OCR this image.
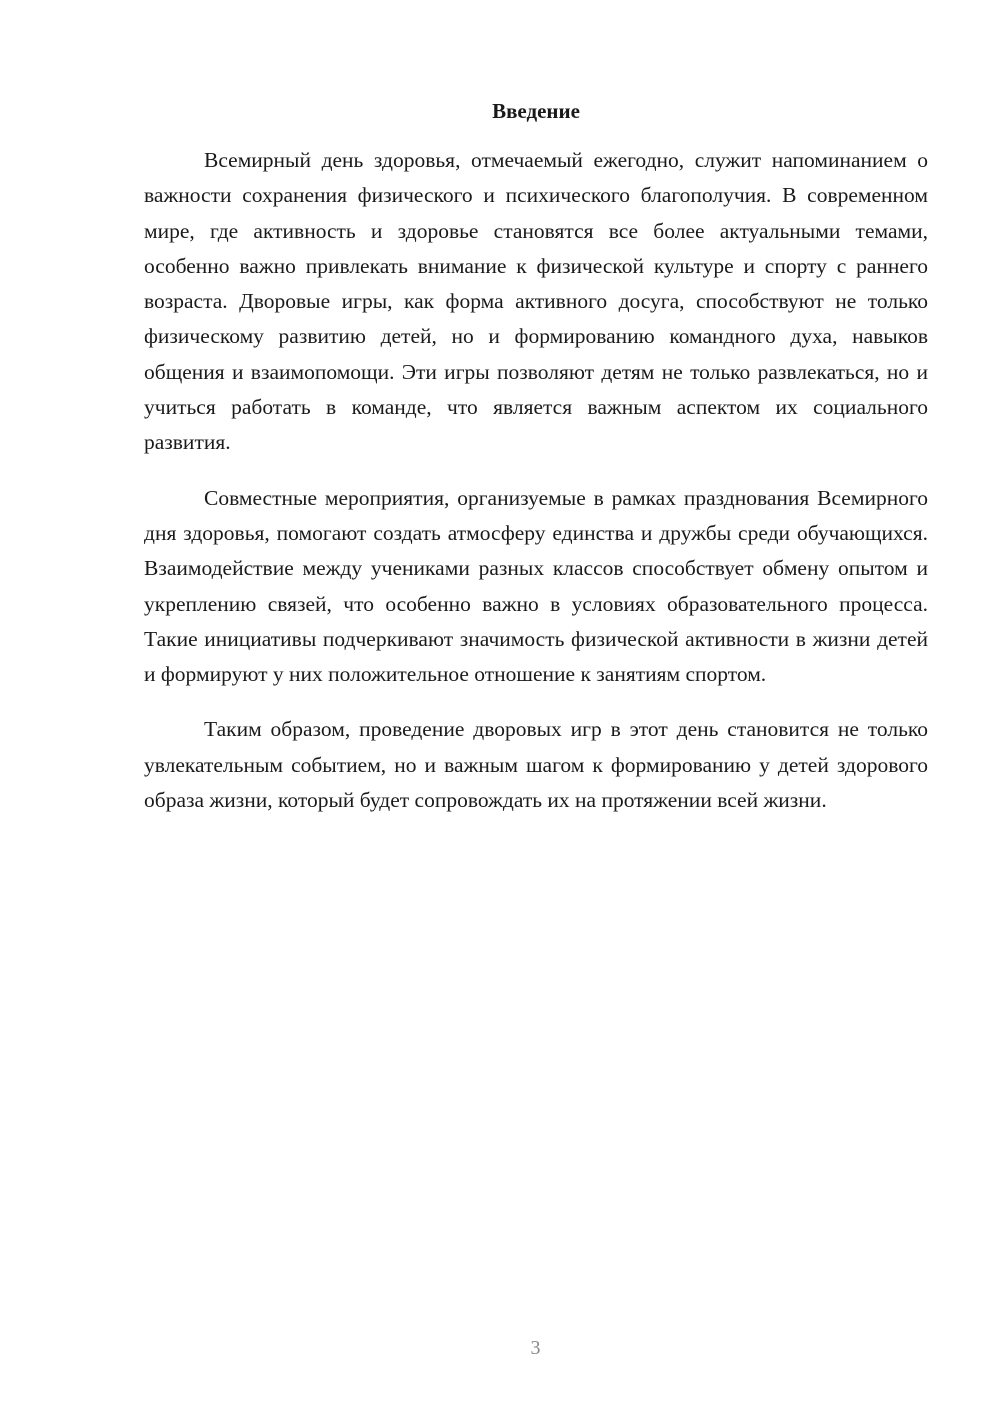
Введение

Всемирный день здоровья, отмечаемый ежегодно, служит напоминанием о важности сохранения физического и психического благополучия. В современном мире, где активность и здоровье становятся все более актуальными темами, особенно важно привлекать внимание к физической культуре и спорту с раннего возраста. Дворовые игры, как форма активного досуга, способствуют не только физическому развитию детей, но и формированию командного духа, навыков общения и взаимопомощи. Эти игры позволяют детям не только развлекаться, но и учиться работать в команде, что является важным аспектом их социального развития.

Совместные мероприятия, организуемые в рамках празднования Всемирного дня здоровья, помогают создать атмосферу единства и дружбы среди обучающихся. Взаимодействие между учениками разных классов способствует обмену опытом и укреплению связей, что особенно важно в условиях образовательного процесса. Такие инициативы подчеркивают значимость физической активности в жизни детей и формируют у них положительное отношение к занятиям спортом.

Таким образом, проведение дворовых игр в этот день становится не только увлекательным событием, но и важным шагом к формированию у детей здорового образа жизни, который будет сопровождать их на протяжении всей жизни.

3
